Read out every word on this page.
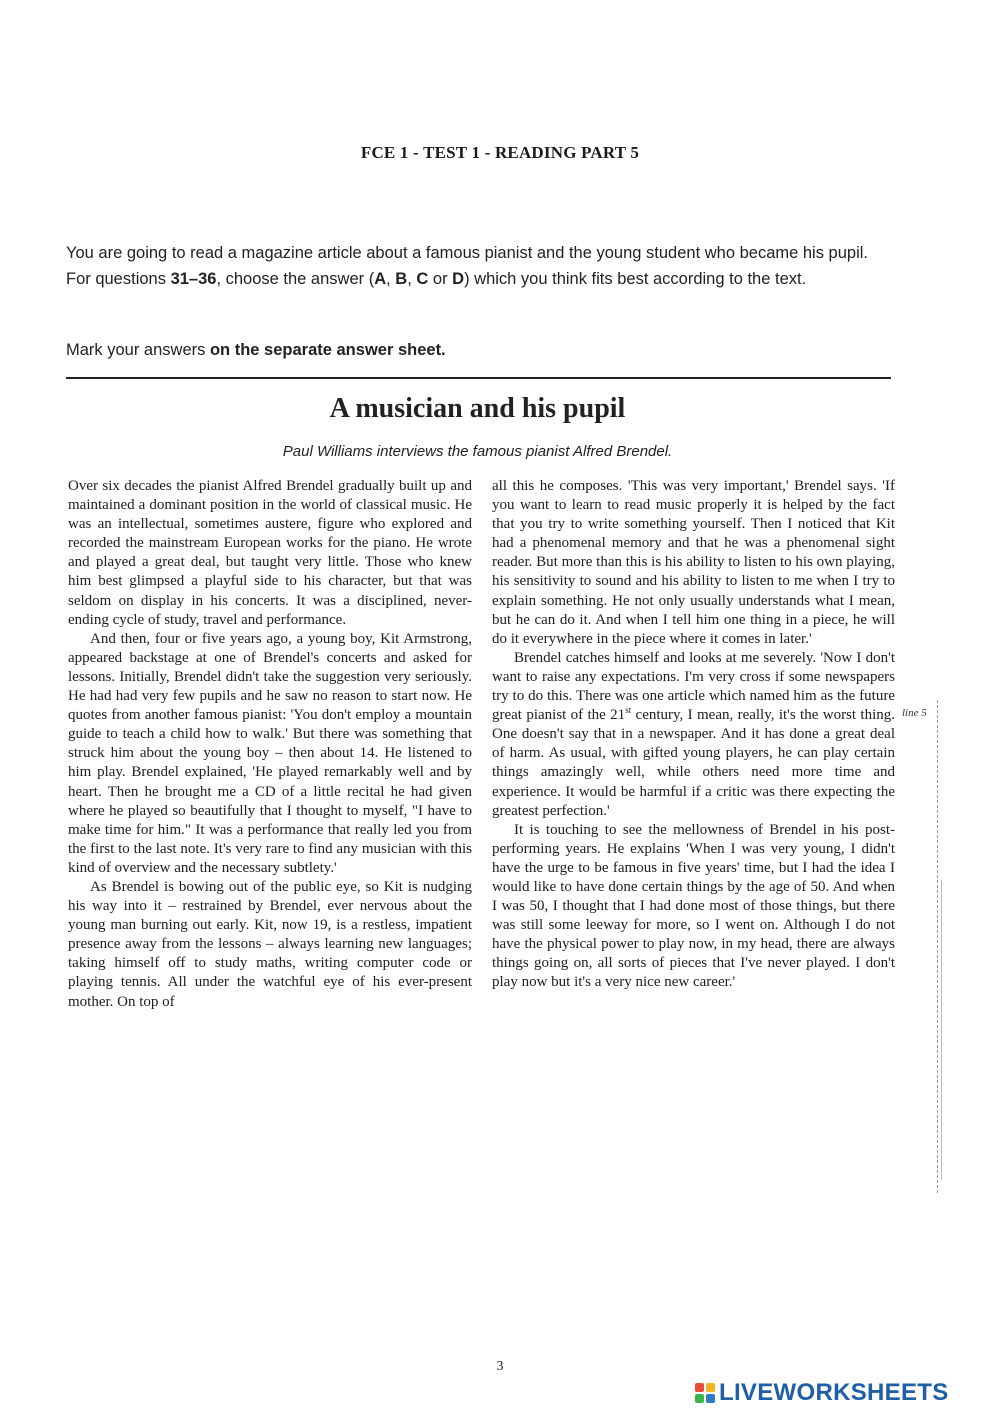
FCE 1 - TEST 1 - READING PART 5

You are going to read a magazine article about a famous pianist and the young student who became his pupil. For questions 31–36, choose the answer (A, B, C or D) which you think fits best according to the text.

Mark your answers on the separate answer sheet.
A musician and his pupil
Paul Williams interviews the famous pianist Alfred Brendel.

Over six decades the pianist Alfred Brendel gradually built up and maintained a dominant position in the world of classical music. He was an intellectual, sometimes austere, figure who explored and recorded the mainstream European works for the piano. He wrote and played a great deal, but taught very little. Those who knew him best glimpsed a playful side to his character, but that was seldom on display in his concerts. It was a disciplined, never-ending cycle of study, travel and performance.

And then, four or five years ago, a young boy, Kit Armstrong, appeared backstage at one of Brendel's concerts and asked for lessons. Initially, Brendel didn't take the suggestion very seriously. He had had very few pupils and he saw no reason to start now. He quotes from another famous pianist: 'You don't employ a mountain guide to teach a child how to walk.' But there was something that struck him about the young boy – then about 14. He listened to him play. Brendel explained, 'He played remarkably well and by heart. Then he brought me a CD of a little recital he had given where he played so beautifully that I thought to myself, "I have to make time for him." It was a performance that really led you from the first to the last note. It's very rare to find any musician with this kind of overview and the necessary subtlety.'

As Brendel is bowing out of the public eye, so Kit is nudging his way into it – restrained by Brendel, ever nervous about the young man burning out early. Kit, now 19, is a restless, impatient presence away from the lessons – always learning new languages; taking himself off to study maths, writing computer code or playing tennis. All under the watchful eye of his ever-present mother. On top of

all this he composes. 'This was very important,' Brendel says. 'If you want to learn to read music properly it is helped by the fact that you try to write something yourself. Then I noticed that Kit had a phenomenal memory and that he was a phenomenal sight reader. But more than this is his ability to listen to his own playing, his sensitivity to sound and his ability to listen to me when I try to explain something. He not only usually understands what I mean, but he can do it. And when I tell him one thing in a piece, he will do it everywhere in the piece where it comes in later.'

Brendel catches himself and looks at me severely. 'Now I don't want to raise any expectations. I'm very cross if some newspapers try to do this. There was one article which named him as the future great pianist of the 21st century, I mean, really, it's the worst thing. One doesn't say that in a newspaper. And it has done a great deal of harm. As usual, with gifted young players, he can play certain things amazingly well, while others need more time and experience. It would be harmful if a critic was there expecting the greatest perfection.'

It is touching to see the mellowness of Brendel in his post-performing years. He explains 'When I was very young, I didn't have the urge to be famous in five years' time, but I had the idea I would like to have done certain things by the age of 50. And when I was 50, I thought that I had done most of those things, but there was still some leeway for more, so I went on. Although I do not have the physical power to play now, in my head, there are always things going on, all sorts of pieces that I've never played. I don't play now but it's a very nice new career.'

line 5
3
LIVEWORKSHEETS
